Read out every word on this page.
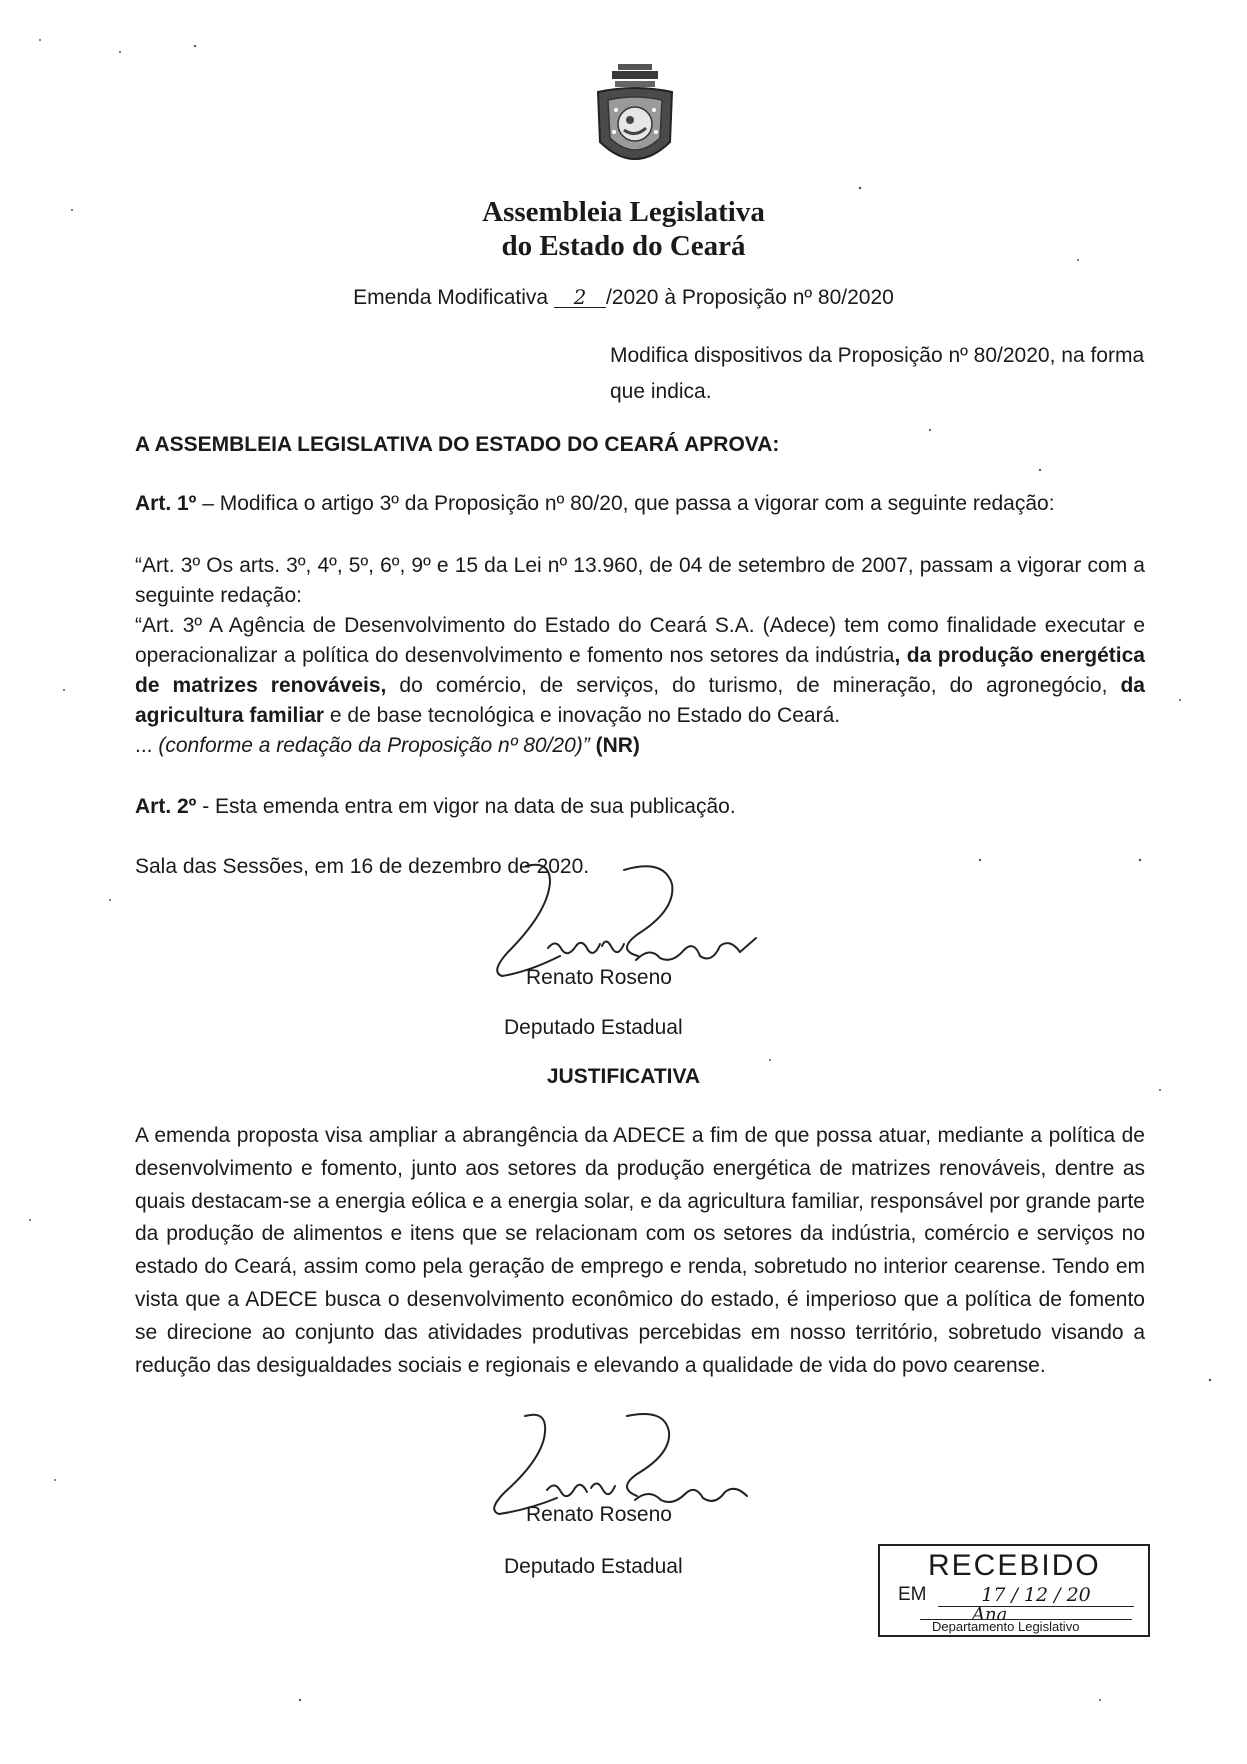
Assembleia Legislativa
do Estado do Ceará
Emenda Modificativa 2 /2020 à Proposição nº 80/2020
Modifica dispositivos da Proposição nº 80/2020, na forma que indica.
A ASSEMBLEIA LEGISLATIVA DO ESTADO DO CEARÁ APROVA:
Art. 1º – Modifica o artigo 3º da Proposição nº 80/20, que passa a vigorar com a seguinte redação:
“Art. 3º Os arts. 3º, 4º, 5º, 6º, 9º e 15 da Lei nº 13.960, de 04 de setembro de 2007, passam a vigorar com a seguinte redação:
“Art. 3º A Agência de Desenvolvimento do Estado do Ceará S.A. (Adece) tem como finalidade executar e operacionalizar a política do desenvolvimento e fomento nos setores da indústria, da produção energética de matrizes renováveis, do comércio, de serviços, do turismo, de mineração, do agronegócio, da agricultura familiar e de base tecnológica e inovação no Estado do Ceará.
... (conforme a redação da Proposição nº 80/20)” (NR)
Art. 2º - Esta emenda entra em vigor na data de sua publicação.
Sala das Sessões, em 16 de dezembro de 2020.
Renato Roseno
Deputado Estadual
JUSTIFICATIVA
A emenda proposta visa ampliar a abrangência da ADECE a fim de que possa atuar, mediante a política de desenvolvimento e fomento, junto aos setores da produção energética de matrizes renováveis, dentre as quais destacam-se a energia eólica e a energia solar, e da agricultura familiar, responsável por grande parte da produção de alimentos e itens que se relacionam com os setores da indústria, comércio e serviços no estado do Ceará, assim como pela geração de emprego e renda, sobretudo no interior cearense. Tendo em vista que a ADECE busca o desenvolvimento econômico do estado, é imperioso que a política de fomento se direcione ao conjunto das atividades produtivas percebidas em nosso território, sobretudo visando a redução das desigualdades sociais e regionais e elevando a qualidade de vida do povo cearense.
Renato Roseno
Deputado Estadual	RECEBIDO
EM	17 / 12 / 20
Ana
Departamento Legislativo
